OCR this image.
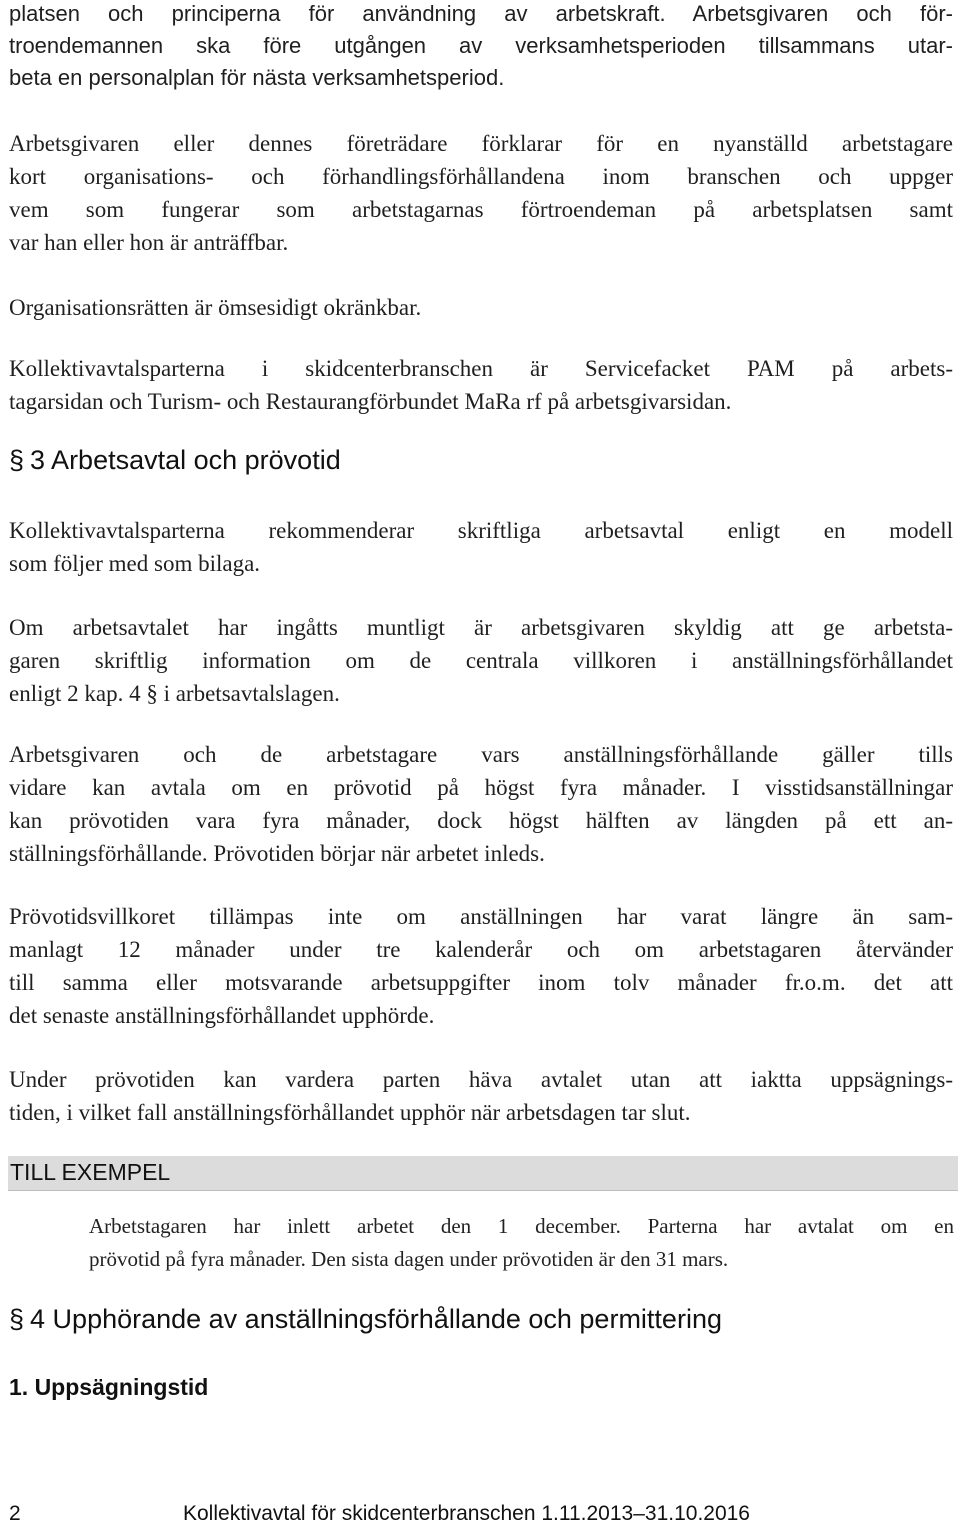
platsen och principerna för användning av arbetskraft. Arbetsgivaren och för-
troendemannen ska före utgången av verksamhetsperioden tillsammans utar-
beta en personalplan för nästa verksamhetsperiod.
Arbetsgivaren eller dennes företrädare förklarar för en nyanställd arbetstagare
kort organisations- och förhandlingsförhållandena inom branschen och uppger
vem som fungerar som arbetstagarnas förtroendeman på arbetsplatsen samt
var han eller hon är anträffbar.
Organisationsrätten är ömsesidigt okränkbar.
Kollektivavtalsparterna i skidcenterbranschen är Servicefacket PAM på arbets-
tagarsidan och Turism- och Restaurangförbundet MaRa rf på arbetsgivarsidan.
§ 3 Arbetsavtal och prövotid
Kollektivavtalsparterna rekommenderar skriftliga arbetsavtal enligt en modell
som följer med som bilaga.
Om arbetsavtalet har ingåtts muntligt är arbetsgivaren skyldig att ge arbetsta-
garen skriftlig information om de centrala villkoren i anställningsförhållandet
enligt 2 kap. 4 § i arbetsavtalslagen.
Arbetsgivaren och de arbetstagare vars anställningsförhållande gäller tills
vidare kan avtala om en prövotid på högst fyra månader. I visstidsanställningar
kan prövotiden vara fyra månader, dock högst hälften av längden på ett an-
ställningsförhållande. Prövotiden börjar när arbetet inleds.
Prövotidsvillkoret tillämpas inte om anställningen har varat längre än sam-
manlagt 12 månader under tre kalenderår och om arbetstagaren återvänder
till samma eller motsvarande arbetsuppgifter inom tolv månader fr.o.m. det att
det senaste anställningsförhållandet upphörde.
Under prövotiden kan vardera parten häva avtalet utan att iaktta uppsägnings-
tiden, i vilket fall anställningsförhållandet upphör när arbetsdagen tar slut.
TILL EXEMPEL
Arbetstagaren har inlett arbetet den 1 december. Parterna har avtalat om en
prövotid på fyra månader. Den sista dagen under prövotiden är den 31 mars.
§ 4 Upphörande av anställningsförhållande och permittering
1. Uppsägningstid
2	Kollektivavtal för skidcenterbranschen 1.11.2013–31.10.2016
